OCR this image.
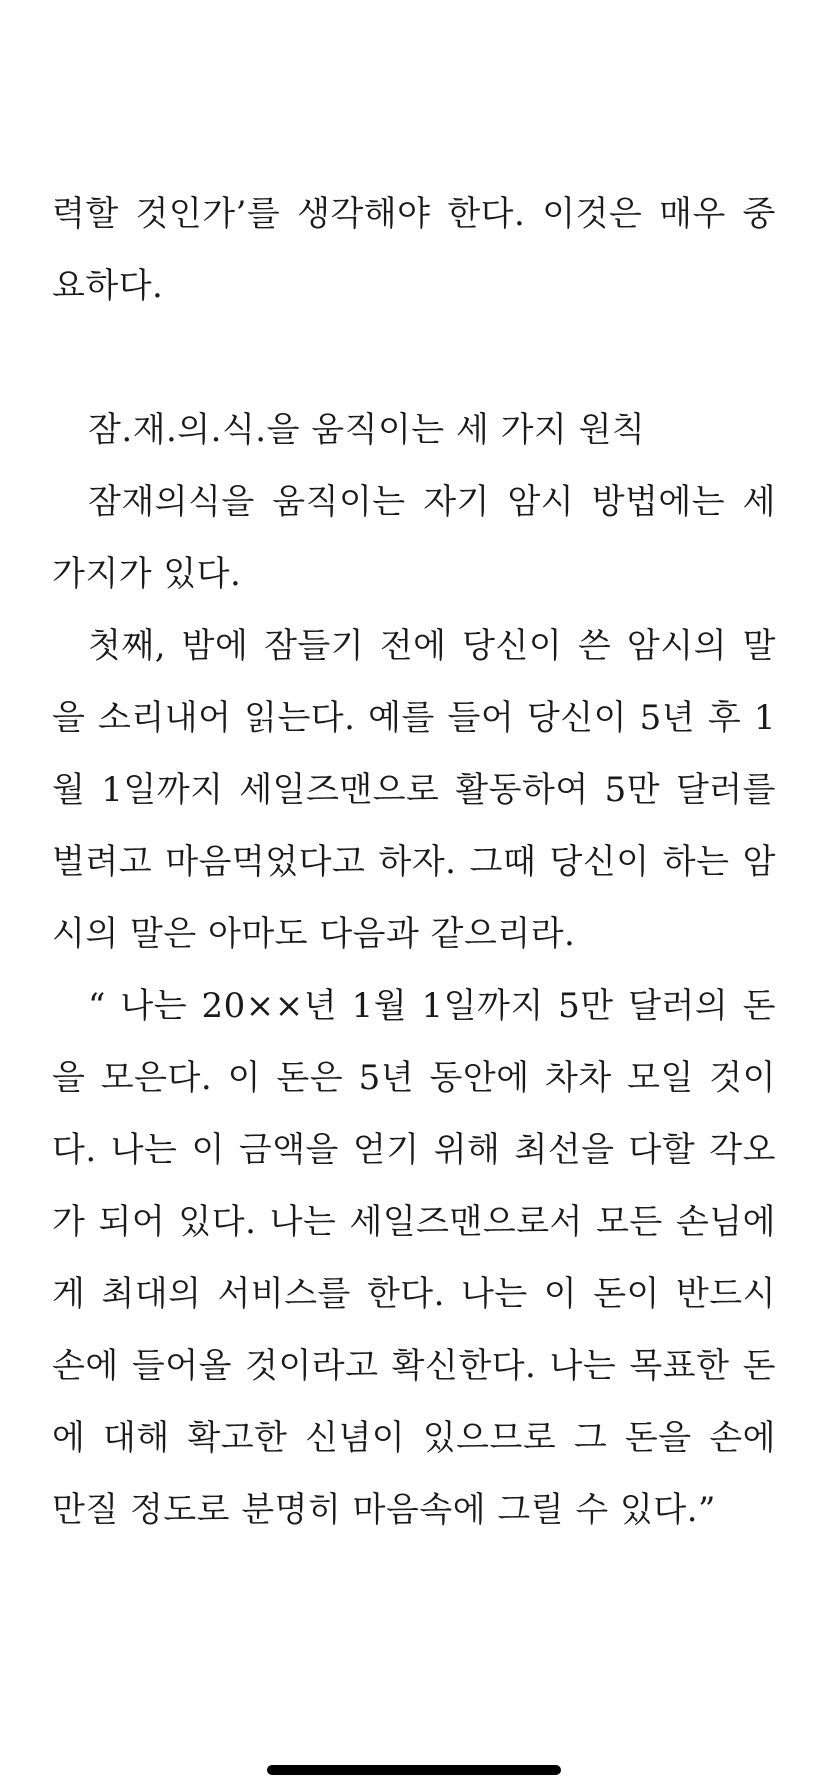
력할 것인가’를 생각해야 한다. 이것은 매우 중
요하다.
잠.재.의.식.을 움직이는 세 가지 원칙
잠재의식을 움직이는 자기 암시 방법에는 세
가지가 있다.
첫째, 밤에 잠들기 전에 당신이 쓴 암시의 말
을 소리내어 읽는다. 예를 들어 당신이 5년 후 1
월 1일까지 세일즈맨으로 활동하여 5만 달러를
벌려고 마음먹었다고 하자. 그때 당신이 하는 암
시의 말은 아마도 다음과 같으리라.
“ 나는 20××년 1월 1일까지 5만 달러의 돈
을 모은다. 이 돈은 5년 동안에 차차 모일 것이
다. 나는 이 금액을 얻기 위해 최선을 다할 각오
가 되어 있다. 나는 세일즈맨으로서 모든 손님에
게 최대의 서비스를 한다. 나는 이 돈이 반드시
손에 들어올 것이라고 확신한다. 나는 목표한 돈
에 대해 확고한 신념이 있으므로 그 돈을 손에
만질 정도로 분명히 마음속에 그릴 수 있다.”
